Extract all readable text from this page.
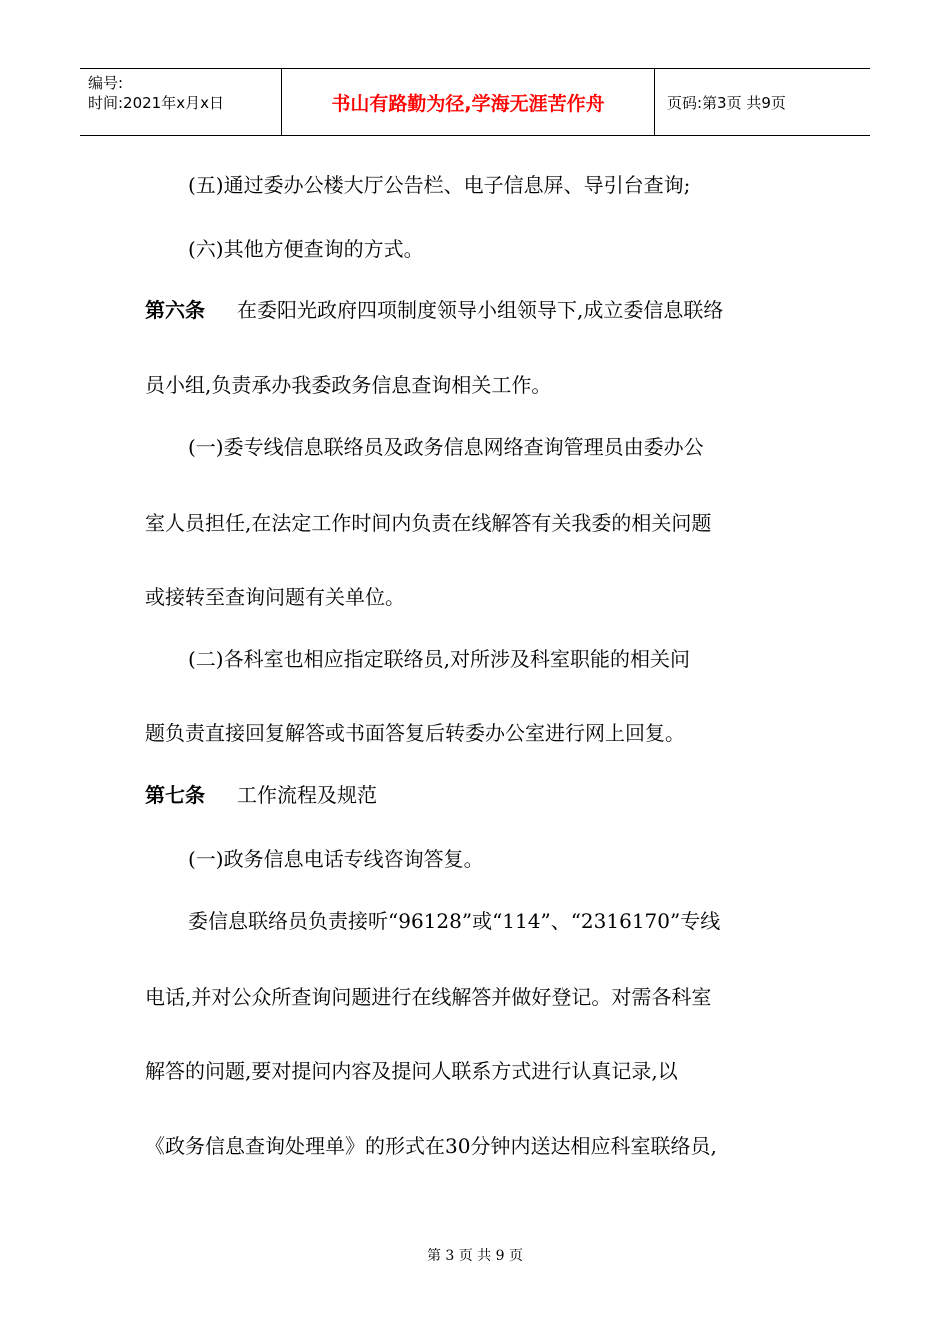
编号:
时间:2021年x月x日	书山有路勤为径,学海无涯苦作舟	页码:第3页 共9页
(五)通过委办公楼大厅公告栏、电子信息屏、导引台查询;
(六)其他方便查询的方式。
第六条 在委阳光政府四项制度领导小组领导下,成立委信息联络
员小组,负责承办我委政务信息查询相关工作。
(一)委专线信息联络员及政务信息网络查询管理员由委办公
室人员担任,在法定工作时间内负责在线解答有关我委的相关问题
或接转至查询问题有关单位。
(二)各科室也相应指定联络员,对所涉及科室职能的相关问
题负责直接回复解答或书面答复后转委办公室进行网上回复。
第七条 工作流程及规范
(一)政务信息电话专线咨询答复。
委信息联络员负责接听“96128”或“114”、“2316170”专线
电话,并对公众所查询问题进行在线解答并做好登记。对需各科室
解答的问题,要对提问内容及提问人联系方式进行认真记录,以
《政务信息查询处理单》的形式在30分钟内送达相应科室联络员,
第 3 页 共 9 页
